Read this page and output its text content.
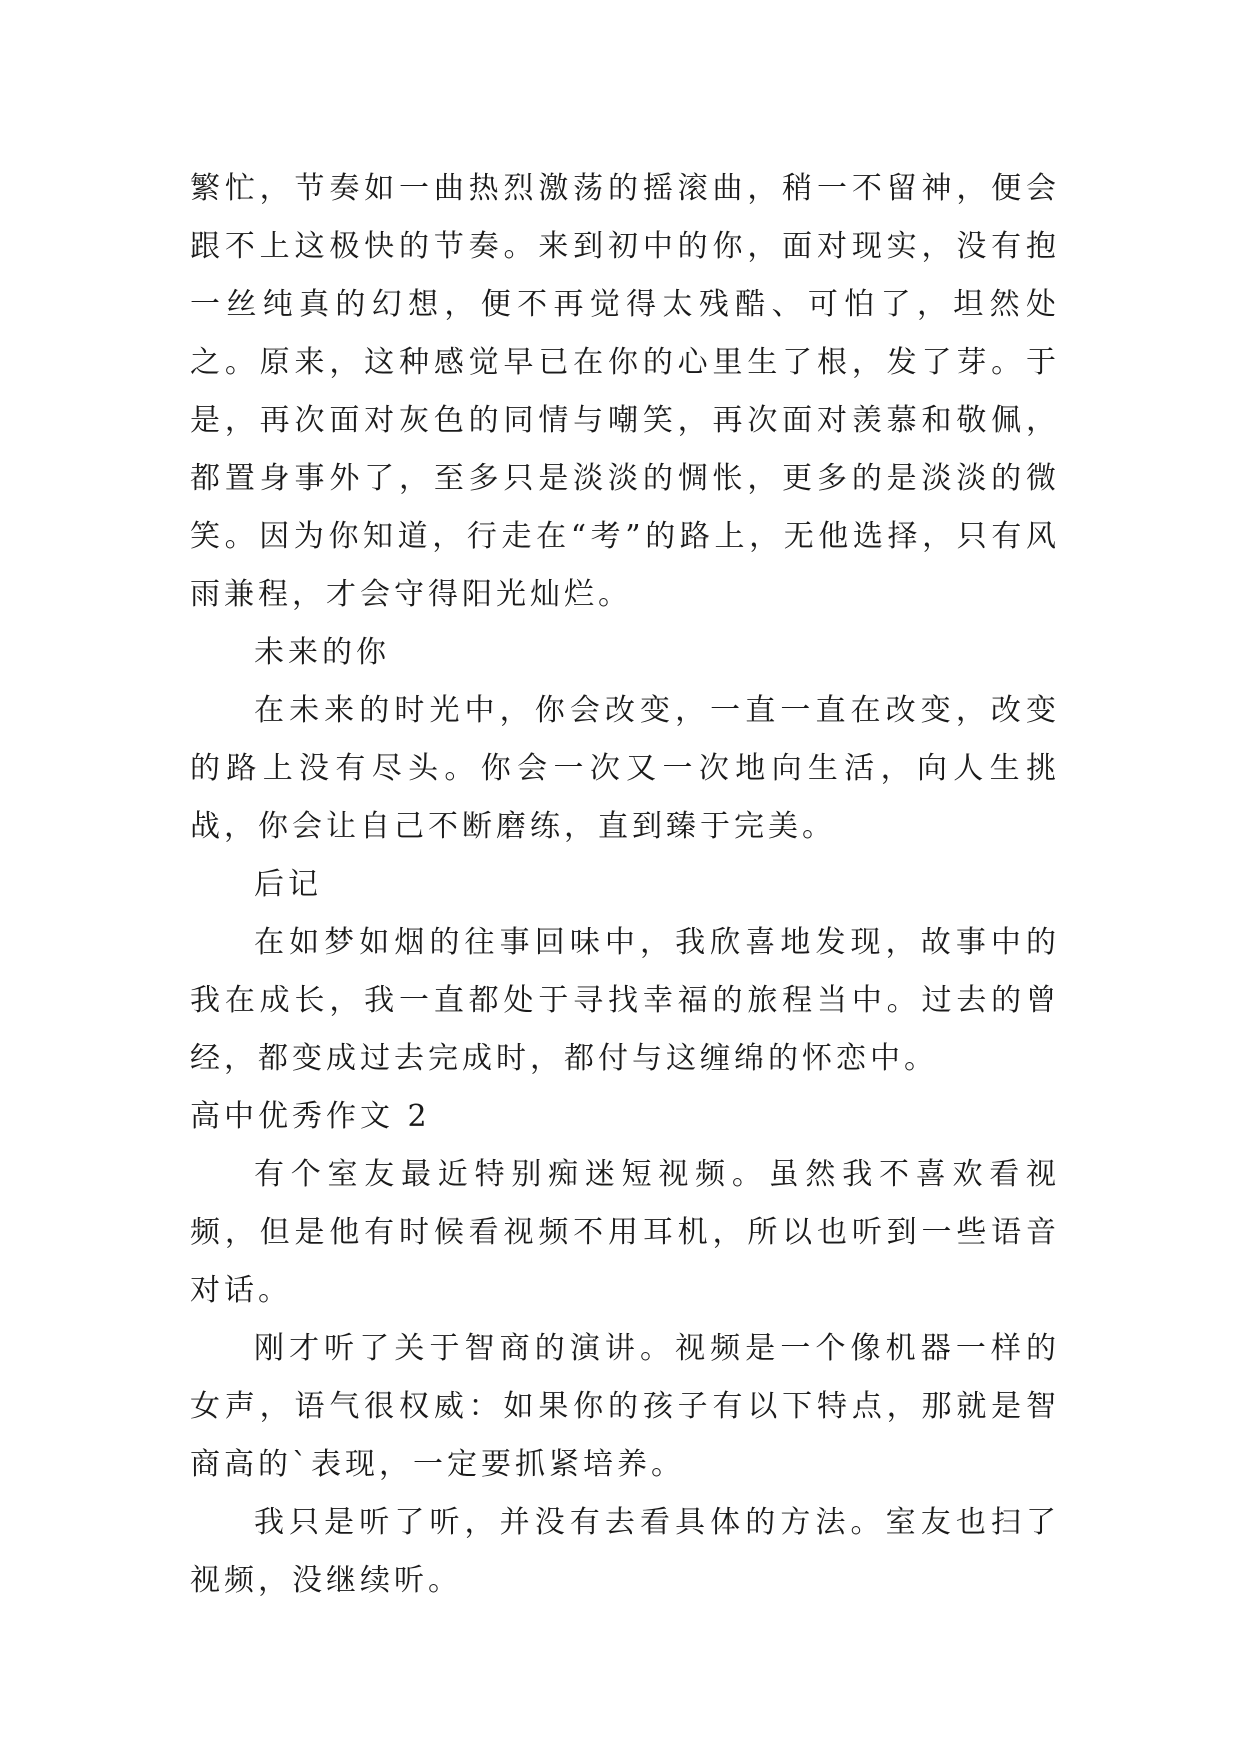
繁忙，节奏如一曲热烈激荡的摇滚曲，稍一不留神，便会跟不上这极快的节奏。来到初中的你，面对现实，没有抱一丝纯真的幻想，便不再觉得太残酷、可怕了，坦然处之。原来，这种感觉早已在你的心里生了根，发了芽。于是，再次面对灰色的同情与嘲笑，再次面对羡慕和敬佩，都置身事外了，至多只是淡淡的惆怅，更多的是淡淡的微笑。因为你知道，行走在“考”的路上，无他选择，只有风雨兼程，才会守得阳光灿烂。

未来的你

在未来的时光中，你会改变，一直一直在改变，改变的路上没有尽头。你会一次又一次地向生活，向人生挑战，你会让自己不断磨练，直到臻于完美。

后记

在如梦如烟的往事回味中，我欣喜地发现，故事中的我在成长，我一直都处于寻找幸福的旅程当中。过去的曾经，都变成过去完成时，都付与这缠绵的怀恋中。

高中优秀作文 2

有个室友最近特别痴迷短视频。虽然我不喜欢看视频，但是他有时候看视频不用耳机，所以也听到一些语音对话。

刚才听了关于智商的演讲。视频是一个像机器一样的女声，语气很权威：如果你的孩子有以下特点，那就是智商高的`表现，一定要抓紧培养。

我只是听了听，并没有去看具体的方法。室友也扫了视频，没继续听。
